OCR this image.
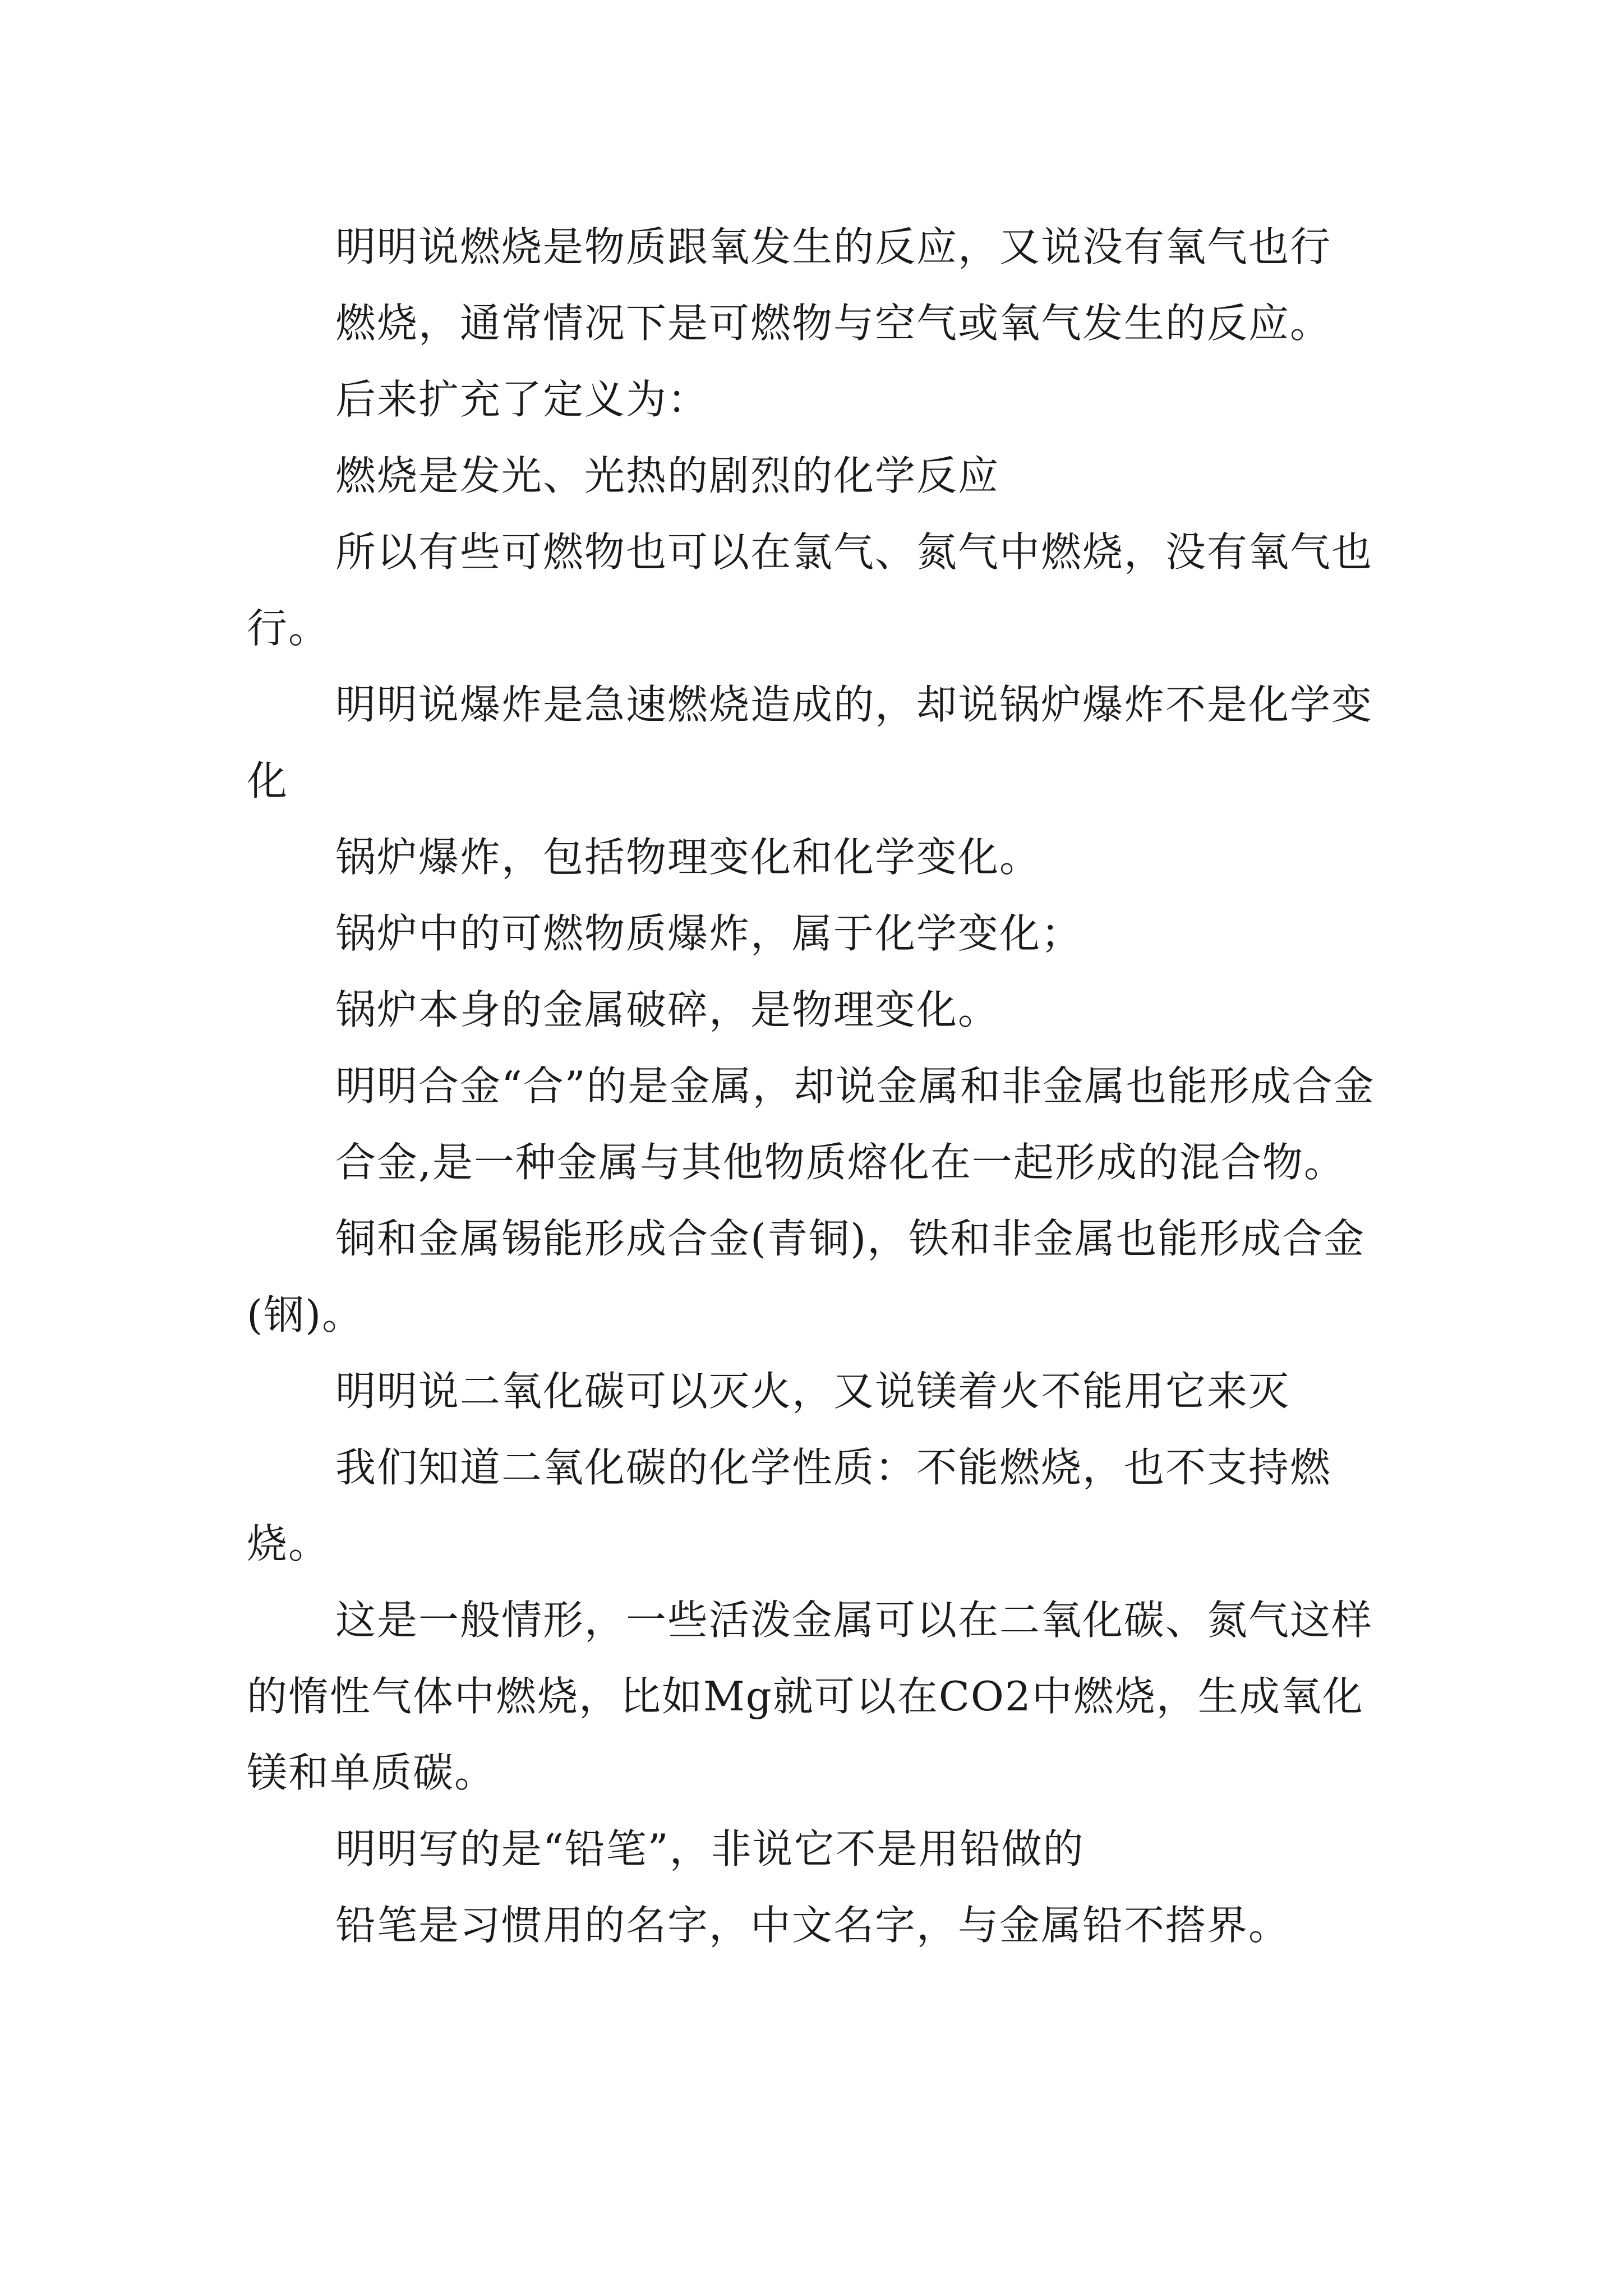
明明说燃烧是物质跟氧发生的反应，又说没有氧气也行

燃烧，通常情况下是可燃物与空气或氧气发生的反应。

后来扩充了定义为：

燃烧是发光、光热的剧烈的化学反应

所以有些可燃物也可以在氯气、氮气中燃烧，没有氧气也行。

明明说爆炸是急速燃烧造成的，却说锅炉爆炸不是化学变化

锅炉爆炸，包括物理变化和化学变化。

锅炉中的可燃物质爆炸，属于化学变化；

锅炉本身的金属破碎，是物理变化。

明明合金“合”的是金属，却说金属和非金属也能形成合金

合金,是一种金属与其他物质熔化在一起形成的混合物。

铜和金属锡能形成合金(青铜)，铁和非金属也能形成合金(钢)。

明明说二氧化碳可以灭火，又说镁着火不能用它来灭

我们知道二氧化碳的化学性质：不能燃烧，也不支持燃烧。

这是一般情形，一些活泼金属可以在二氧化碳、氮气这样的惰性气体中燃烧，比如Mg就可以在CO2中燃烧，生成氧化镁和单质碳。

明明写的是“铅笔”，非说它不是用铅做的

铅笔是习惯用的名字，中文名字，与金属铅不搭界。
